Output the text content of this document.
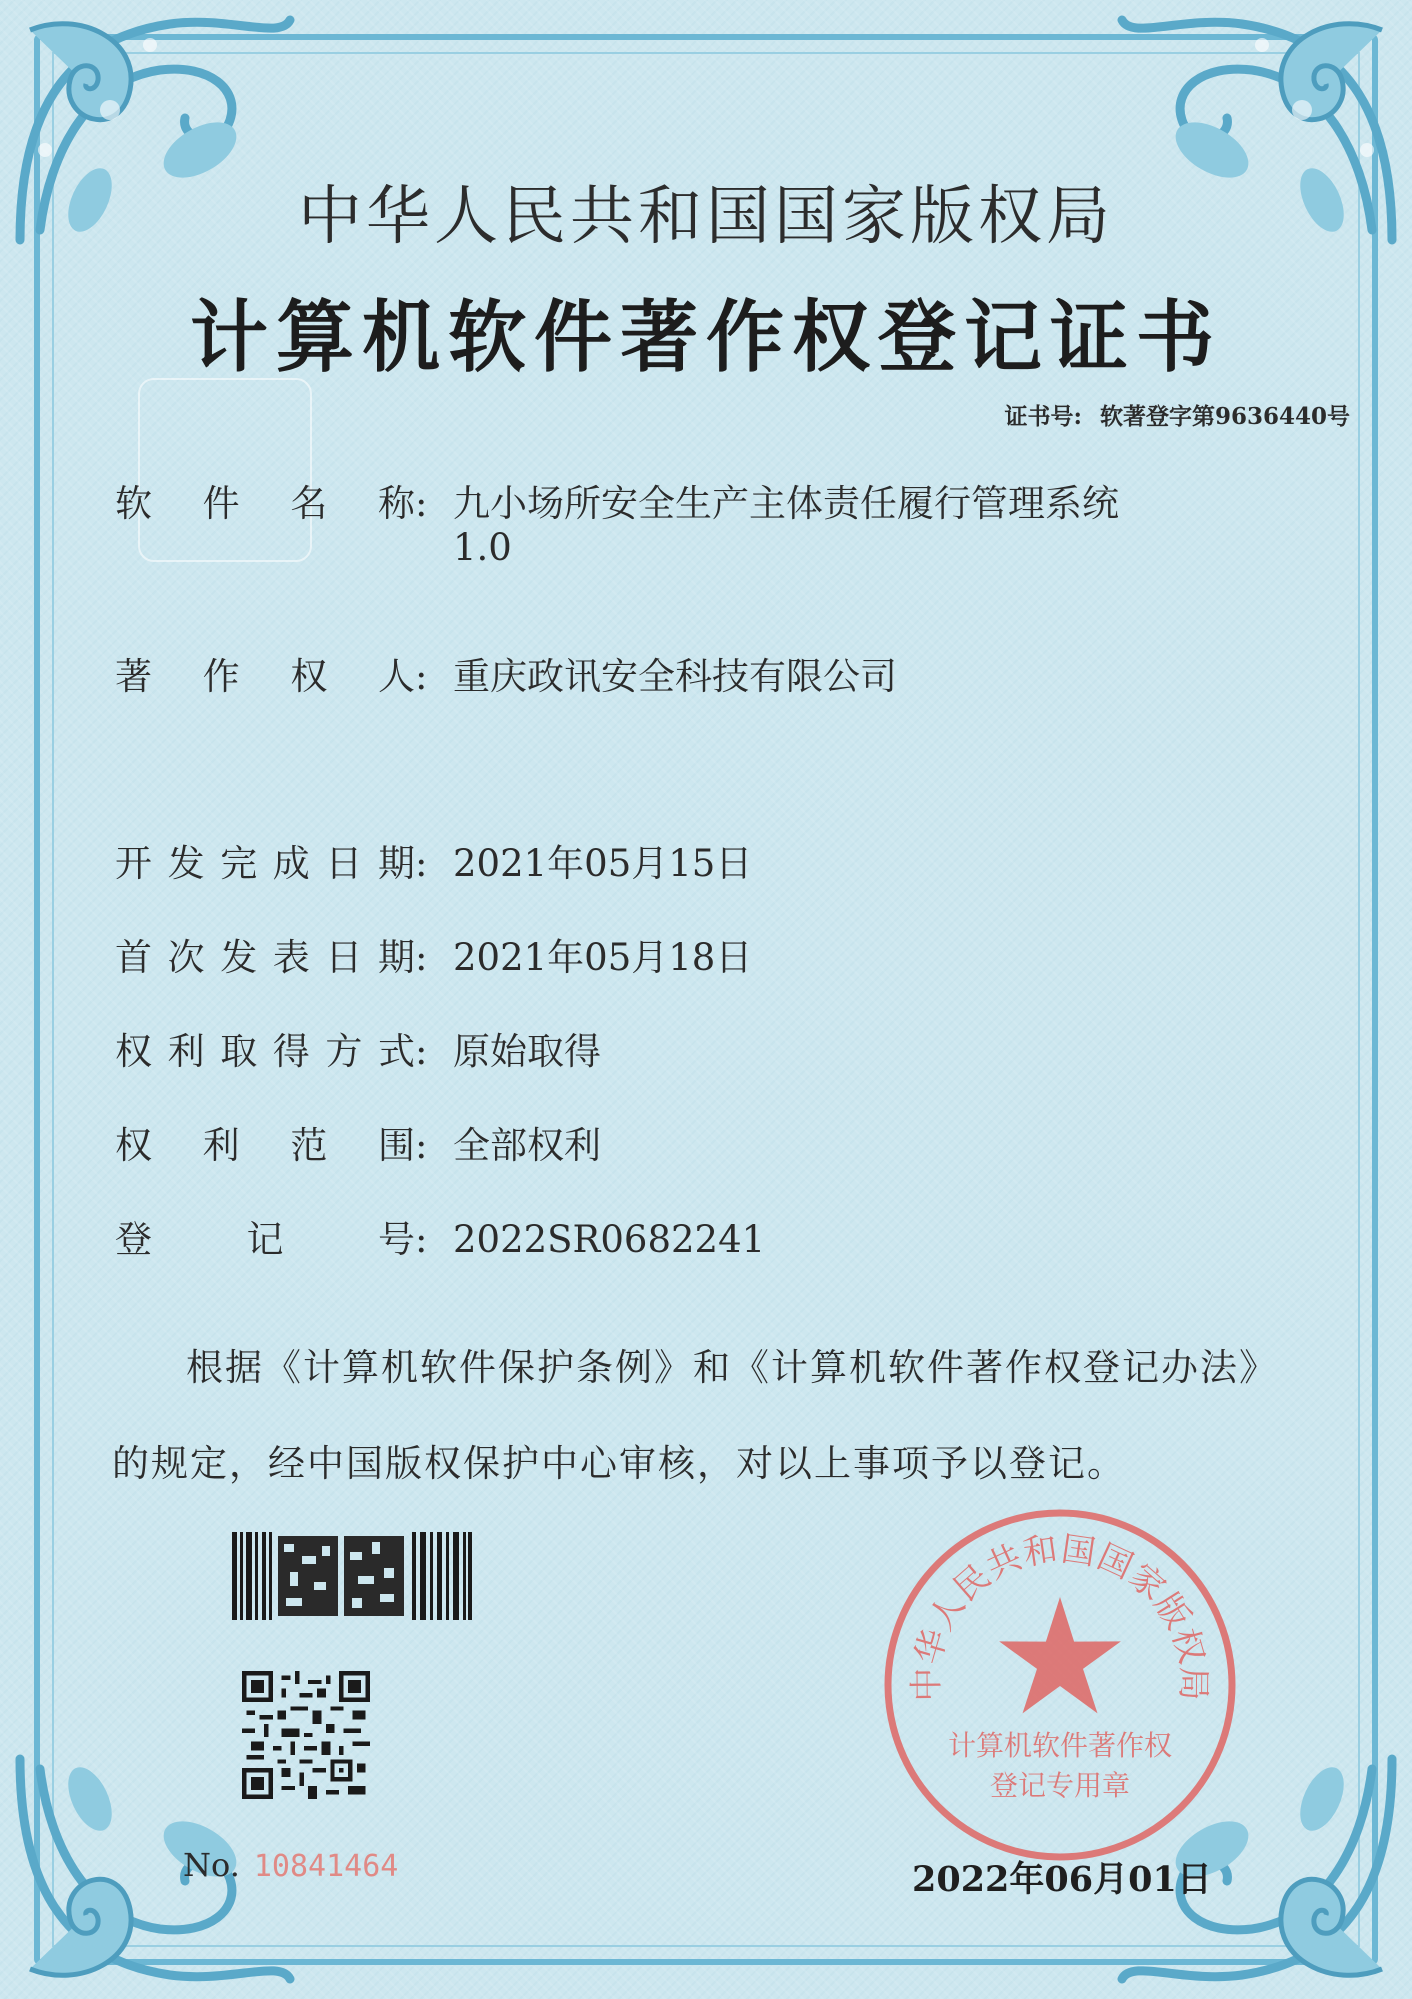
中华人民共和国国家版权局
计算机软件著作权登记证书
证书号: 软著登字第9636440号
软件名称: 九小场所安全生产主体责任履行管理系统
1.0
著作权人: 重庆政讯安全科技有限公司
开发完成日期: 2021年05月15日
首次发表日期: 2021年05月18日
权利取得方式: 原始取得
权利范围: 全部权利
登记号: 2022SR0682241
根据《计算机软件保护条例》和《计算机软件著作权登记办法》的规定，经中国版权保护中心审核，对以上事项予以登记。
No. 10841464
中华人民共和国国家版权局
计算机软件著作权
登记专用章
2022年06月01日
